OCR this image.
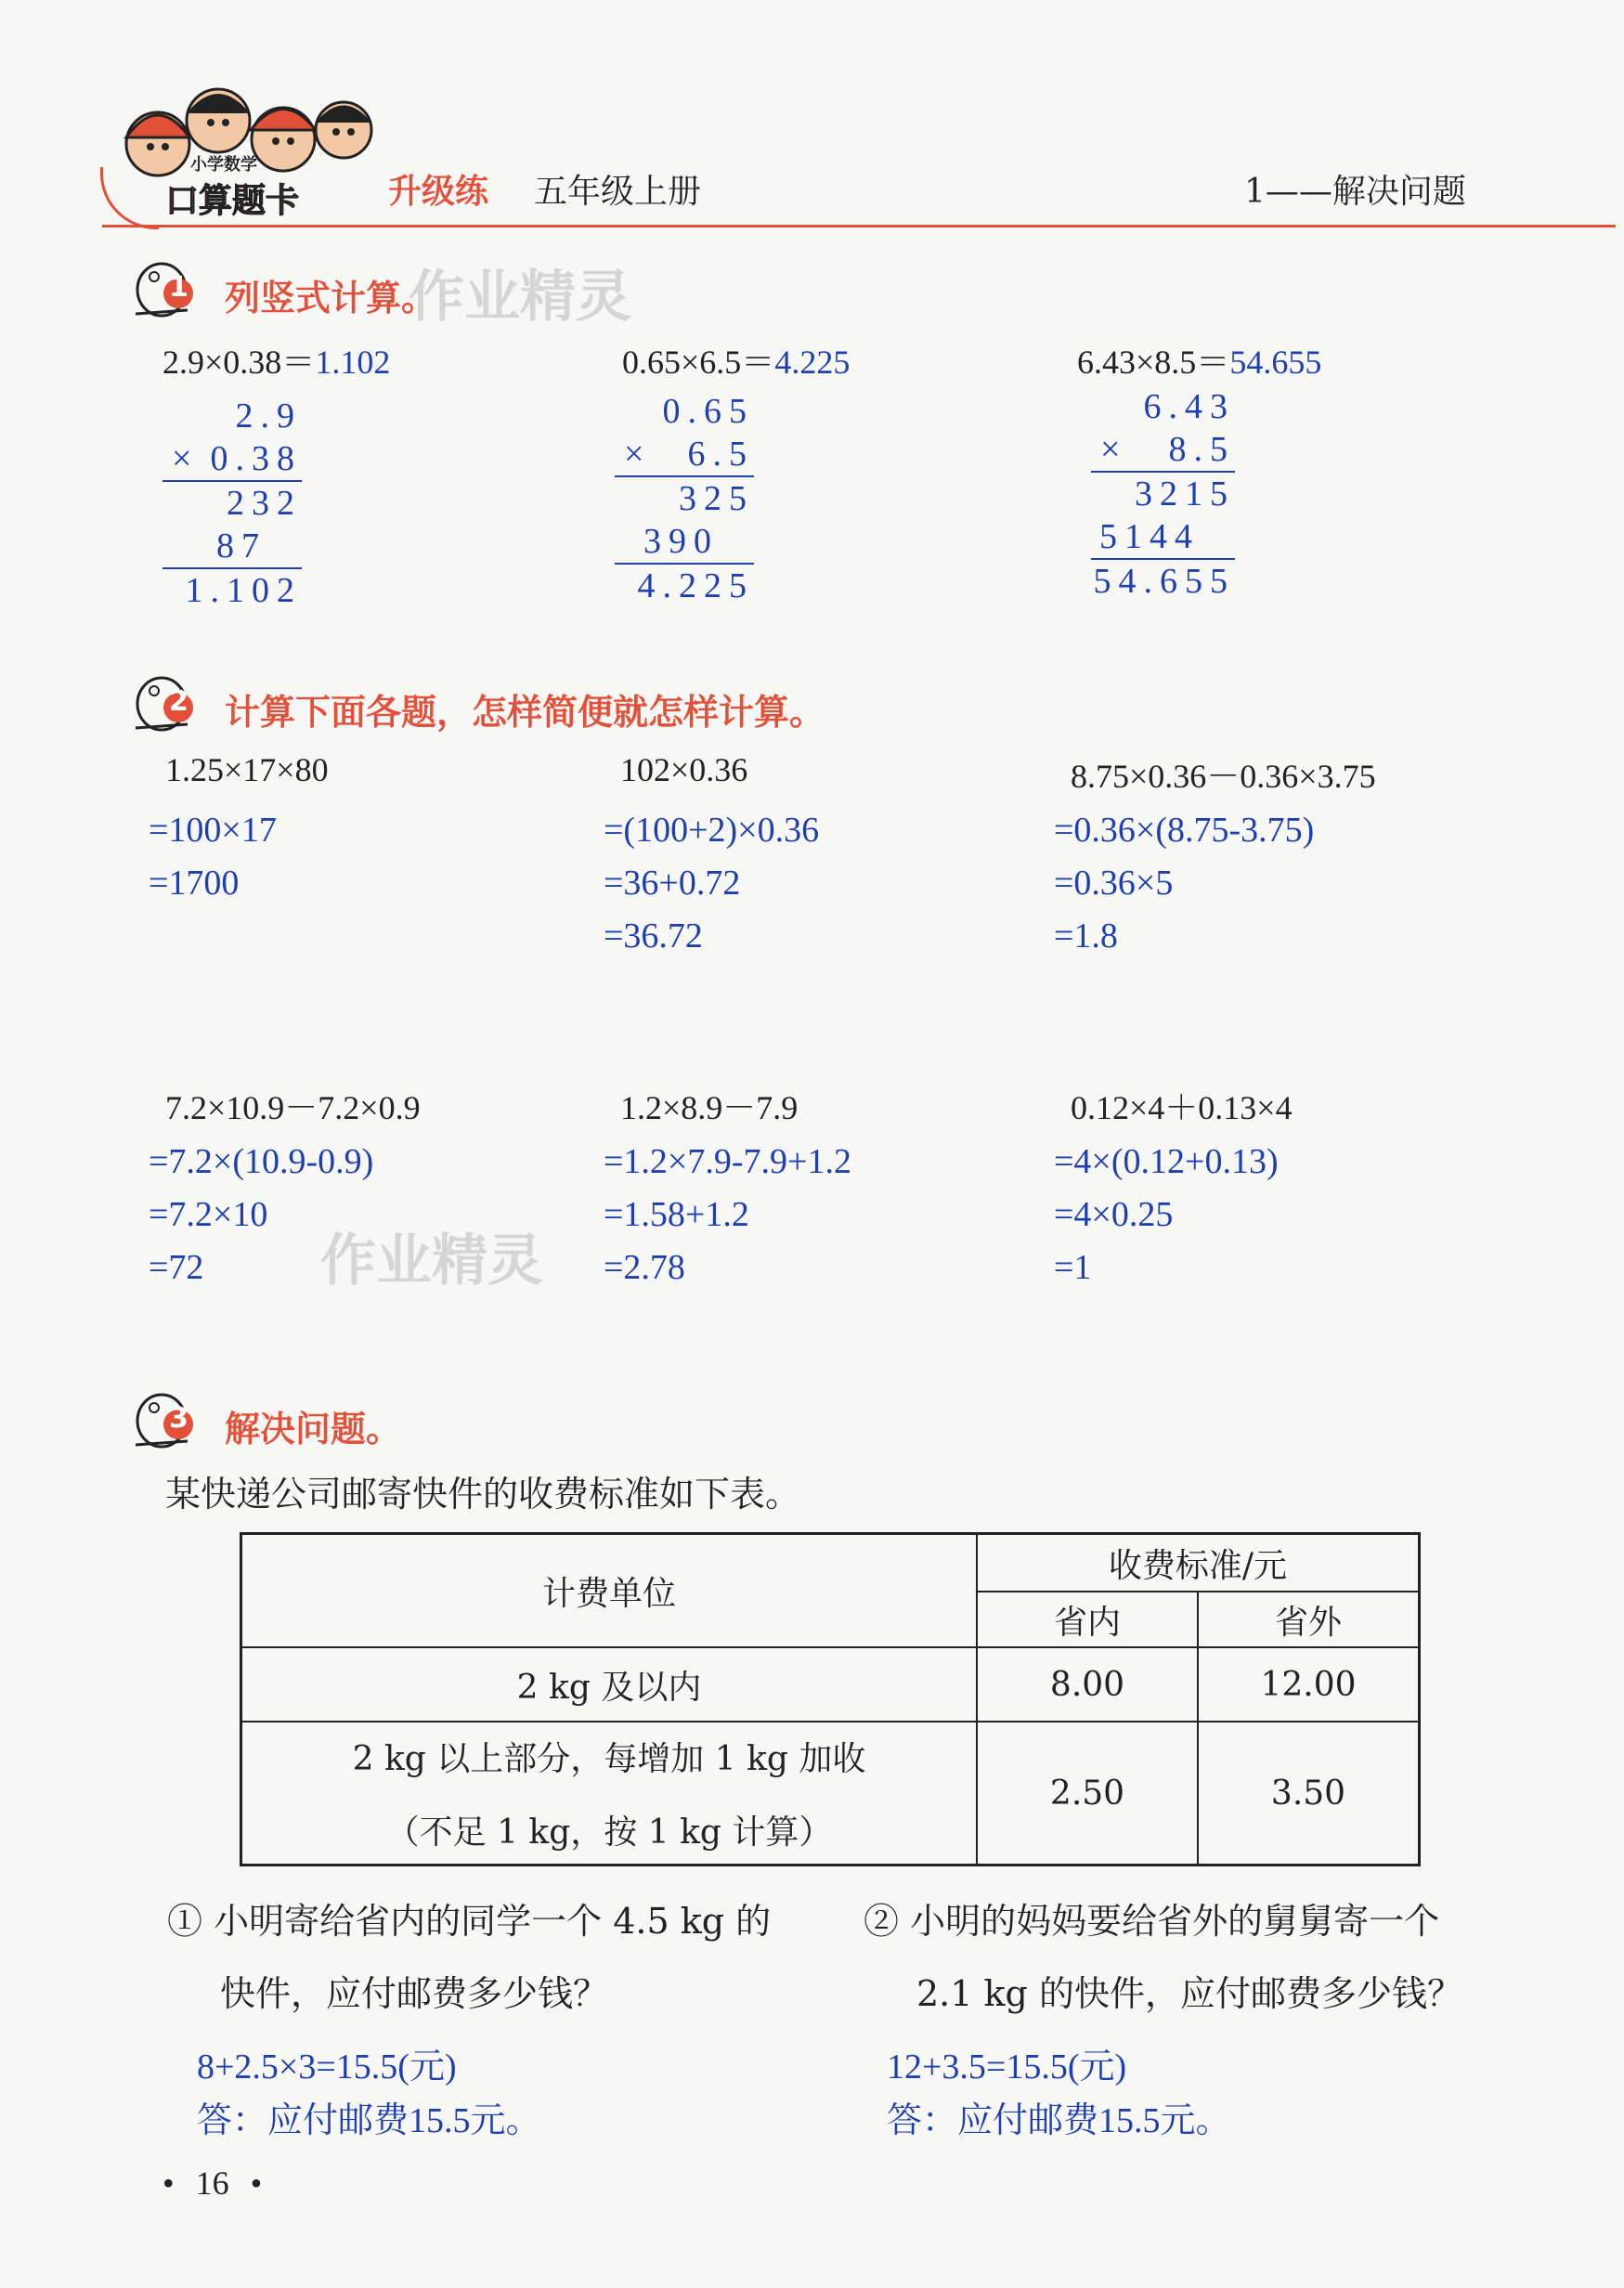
小学数学
口算题卡	升级练 五年级上册	1——解决问题
1 列竖式计算。
作业精灵
2.9×0.38＝1.102
2.9
× 0.38
232
87
1.102
0.65×6.5＝4.225
0.65
×	6.5
325
390
4.225
6.43×8.5＝54.655
6.43
×	8.5
3215
5144
54.655
2 计算下面各题，怎样简便就怎样计算。
1.25×17×80
=100×17
=1700
102×0.36
=(100+2)×0.36
=36+0.72
=36.72
8.75×0.36－0.36×3.75
=0.36×(8.75-3.75)
=0.36×5
=1.8
7.2×10.9－7.2×0.9
=7.2×(10.9-0.9)
=7.2×10
=72
1.2×8.9－7.9
=1.2×7.9-7.9+1.2
=1.58+1.2
=2.78
0.12×4＋0.13×4
=4×(0.12+0.13)
=4×0.25
=1
作业精灵
3 解决问题。
某快递公司邮寄快件的收费标准如下表。
计费单位
收费标准/元
省内	省外
2 kg 及以内	8.00	12.00
2 kg 以上部分，每增加 1 kg 加收
（不足 1 kg，按 1 kg 计算）
2.50	3.50
① 小明寄给省内的同学一个 4.5 kg 的
快件，应付邮费多少钱？
8+2.5×3=15.5(元)
答：应付邮费15.5元。
② 小明的妈妈要给省外的舅舅寄一个
2.1 kg 的快件，应付邮费多少钱？
12+3.5=15.5(元)
答：应付邮费15.5元。
• 16 •
